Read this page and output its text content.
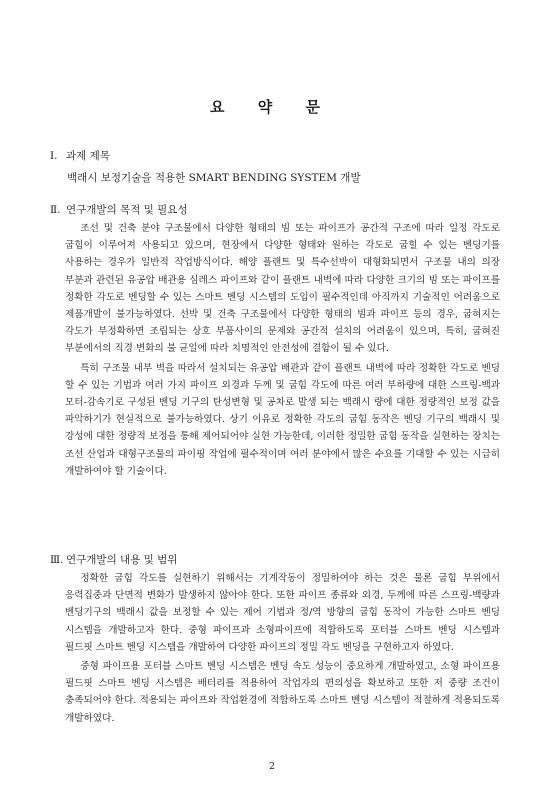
요 약 문
Ⅰ. 과제 제목
백래시 보정기술을 적용한 SMART BENDING SYSTEM 개발
Ⅱ. 연구개발의 목적 및 필요성

조선 및 건축 분야 구조물에서 다양한 형태의 빔 또는 파이프가 공간적 구조에 따라 일정 각도로 굽힘이 이루어져 사용되고 있으며, 현장에서 다양한 형태와 원하는 각도로 굽힐 수 있는 벤딩기를 사용하는 경우가 일반적 작업방식이다. 해양 플랜트 및 특수선박이 대형화되면서 구조물 내의 의장 부분과 관련된 유공압 배관용 심레스 파이프와 같이 플랜트 내벽에 따라 다양한 크기의 빔 또는 파이프를 정확한 각도로 벤딩할 수 있는 스마트 벤딩 시스템의 도입이 필수적인데 아직까지 기술적인 어려움으로 제품개발이 불가능하였다. 선박 및 건축 구조물에서 다양한 형태의 빔과 파이프 등의 경우, 굽혀지는 각도가 부정확하면 조립되는 상호 부품사이의 문제와 공간적 설치의 어려움이 있으며, 특히, 굽혀진 부분에서의 직경 변화의 불 균일에 따라 치명적인 안전성에 결함이 될 수 있다.

특히 구조물 내부 벽을 따라서 설치되는 유공압 배관과 같이 플랜트 내벽에 따라 정확한 각도로 벤딩 할 수 있는 기법과 여러 가지 파이프 외경과 두께 및 굽힘 각도에 따른 여러 부하량에 대한 스프링-백과 모터-감속기로 구성된 벤딩 기구의 탄성변형 및 공차로 발생 되는 백래시 량에 대한 정량적인 보정 값을 파악하기가 현실적으로 불가능하였다. 상기 이유로 정확한 각도의 굽힘 동작은 벤딩 기구의 백래시 및 강성에 대한 정량적 보정을 통해 제어되어야 실현 가능한데, 이러한 정밀한 굽힘 동작을 실현하는 장치는 조선 산업과 대형구조물의 파이핑 작업에 필수적이며 여러 분야에서 많은 수요를 기대할 수 있는 시급히 개발하여야 할 기술이다.

Ⅲ. 연구개발의 내용 및 범위

정확한 굽힘 각도를 실현하기 위해서는 기계작동이 정밀하여야 하는 것은 물론 굽힘 부위에서 응력집중과 단면적 변화가 발생하지 않아야 한다. 또한 파이프 종류와 외경, 두께에 따른 스프링-백량과 벤딩기구의 백래시 값을 보정할 수 있는 제어 기법과 정/역 방향의 굽힘 동작이 가능한 스마트 벤딩 시스템을 개발하고자 한다. 중형 파이프과 소형파이프에 적합하도록 포터블 스마트 벤딩 시스템과 필드핏 스마트 벤딩 시스템을 개발하여 다양한 파이프의 정밀 각도 벤딩을 구현하고자 하였다.

중형 파이프용 포터블 스마트 벤딩 시스템은 벤딩 속도 성능이 중요하게 개발하였고, 소형 파이프용 필드핏 스마트 벤딩 시스템은 배터리를 적용하여 작업자의 편의성을 확보하고 또한 저 중량 조건이 충족되어야 한다. 적용되는 파이프와 작업환경에 적합하도록 스마트 벤딩 시스템이 적절하게 적용되도록 개발하였다.

2
